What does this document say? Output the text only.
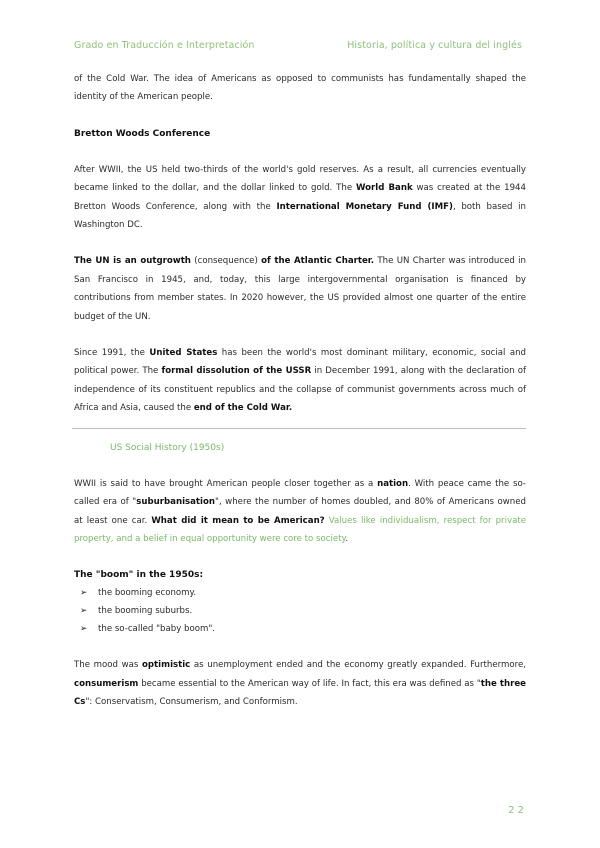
Grado en Traducción e Interpretación	Historia, política y cultura del inglés

of the Cold War. The idea of Americans as opposed to communists has fundamentally shaped the identity of the American people.

Bretton Woods Conference

After WWII, the US held two-thirds of the world's gold reserves. As a result, all currencies eventually became linked to the dollar, and the dollar linked to gold. The World Bank was created at the 1944 Bretton Woods Conference, along with the International Monetary Fund (IMF), both based in Washington DC.

The UN is an outgrowth (consequence) of the Atlantic Charter. The UN Charter was introduced in San Francisco in 1945, and, today, this large intergovernmental organisation is financed by contributions from member states. In 2020 however, the US provided almost one quarter of the entire budget of the UN.

Since 1991, the United States has been the world's most dominant military, economic, social and political power. The formal dissolution of the USSR in December 1991, along with the declaration of independence of its constituent republics and the collapse of communist governments across much of Africa and Asia, caused the end of the Cold War.

US Social History (1950s)

WWII is said to have brought American people closer together as a nation. With peace came the so-called era of "suburbanisation", where the number of homes doubled, and 80% of Americans owned at least one car. What did it mean to be American? Values like individualism, respect for private property, and a belief in equal opportunity were core to society.

The "boom" in the 1950s:

➢ the booming economy.
➢ the booming suburbs.
➢ the so-called "baby boom".

The mood was optimistic as unemployment ended and the economy greatly expanded. Furthermore, consumerism became essential to the American way of life. In fact, this era was defined as "the three Cs": Conservatism, Consumerism, and Conformism.

2 2
